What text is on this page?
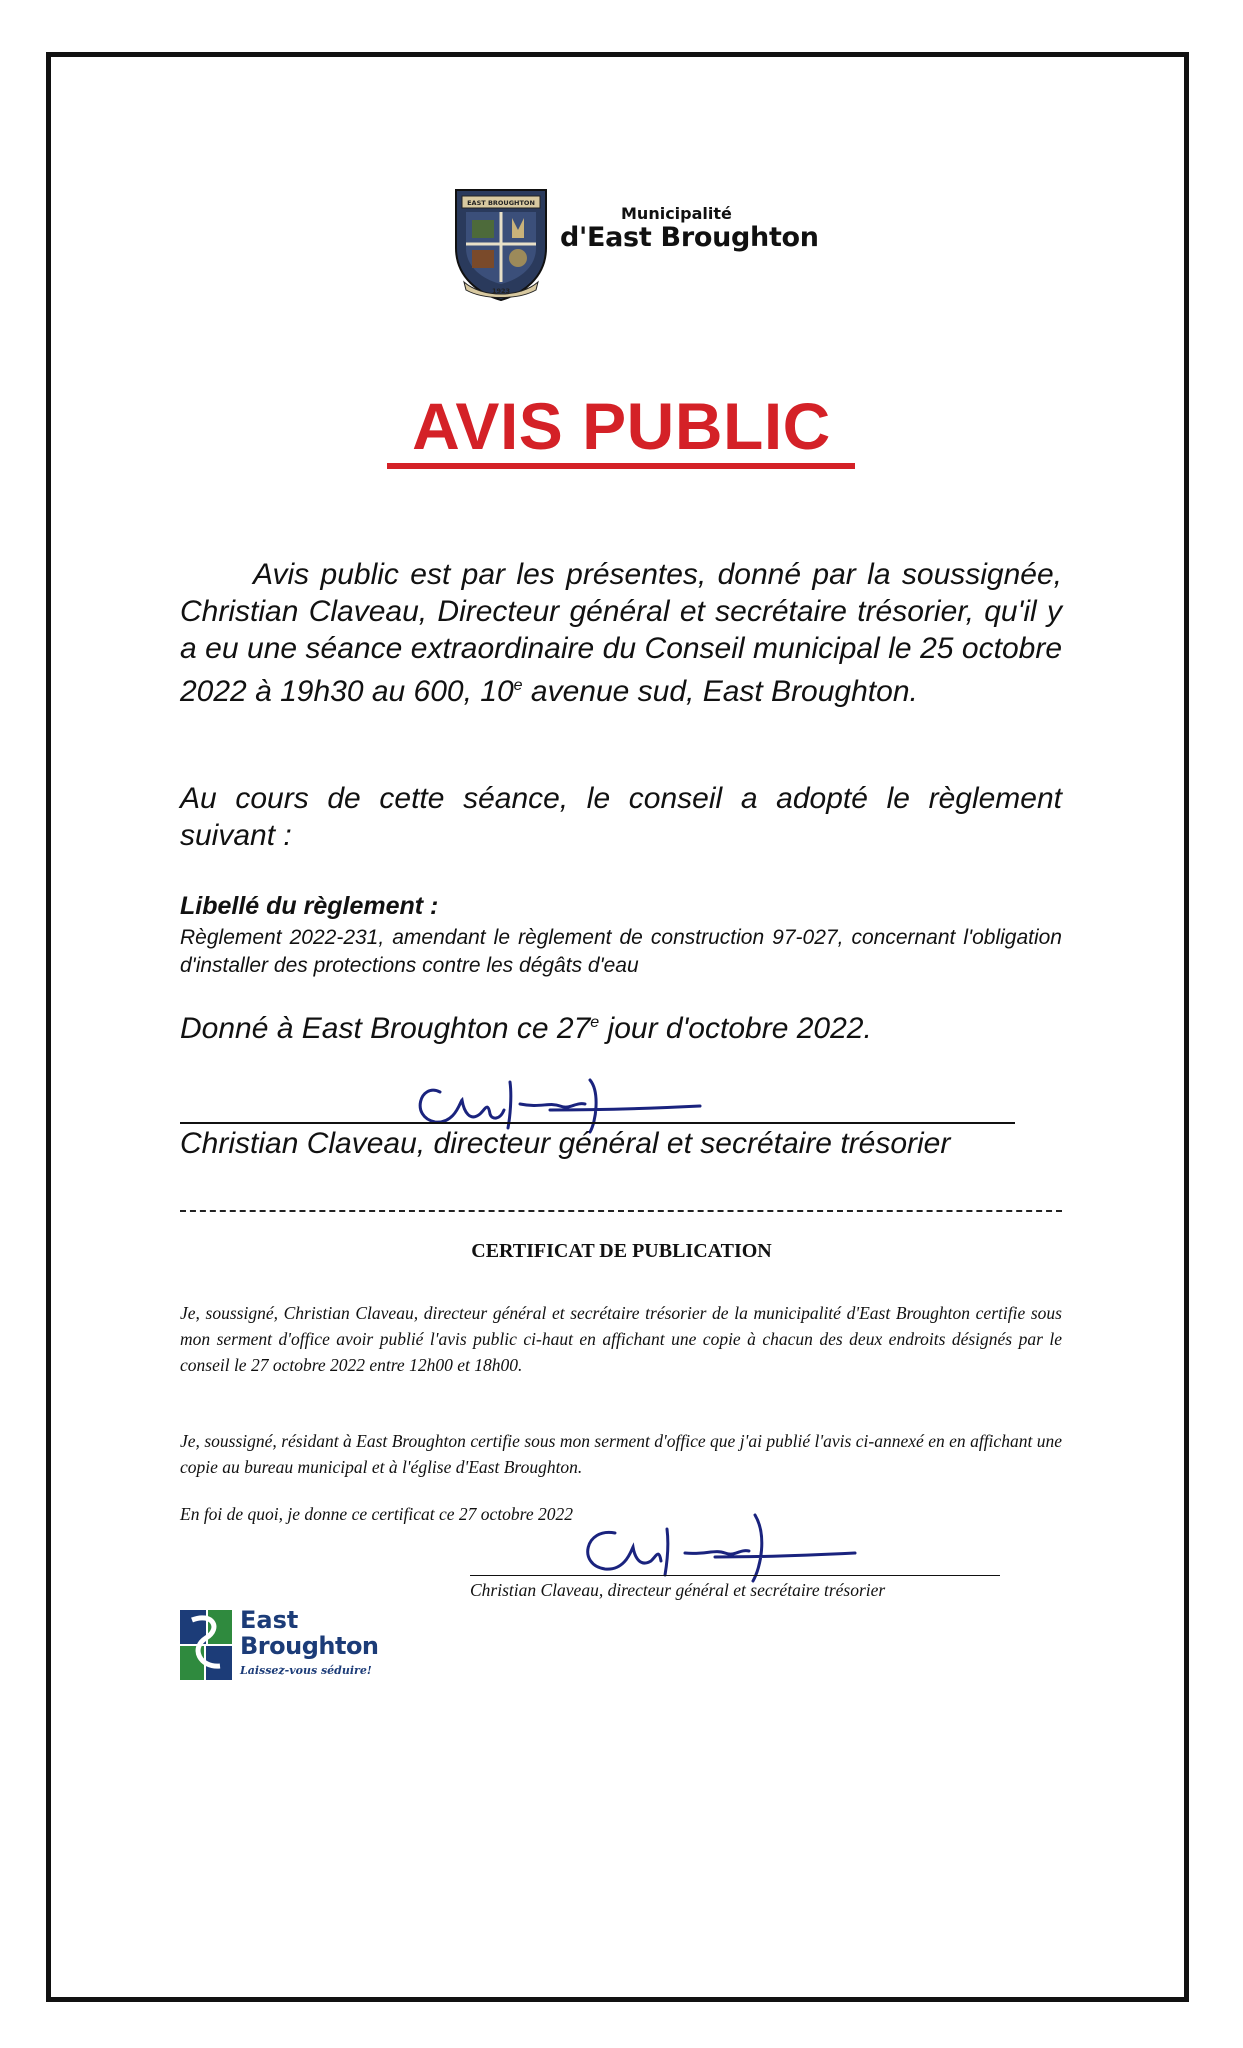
EAST BROUGHTON
1923
Municipalité
d'East Broughton
AVIS PUBLIC
Avis public est par les présentes, donné par la soussignée, Christian Claveau, Directeur général et secrétaire trésorier, qu'il y a eu une séance extraordinaire du Conseil municipal le 25 octobre 2022 à 19h30 au 600, 10e avenue sud, East Broughton.
Au cours de cette séance, le conseil a adopté le règlement suivant :
Libellé du règlement :
Règlement 2022-231, amendant le règlement de construction 97-027, concernant l'obligation d'installer des protections contre les dégâts d'eau
Donné à East Broughton ce 27e jour d'octobre 2022.
Christian Claveau, directeur général et secrétaire trésorier
CERTIFICAT DE PUBLICATION
Je, soussigné, Christian Claveau, directeur général et secrétaire trésorier de la municipalité d'East Broughton certifie sous mon serment d'office avoir publié l'avis public ci-haut en affichant une copie à chacun des deux endroits désignés par le conseil le 27 octobre 2022 entre 12h00 et 18h00.
Je, soussigné, résidant à East Broughton certifie sous mon serment d'office que j'ai publié l'avis ci-annexé en en affichant une copie au bureau municipal et à l'église d'East Broughton.
En foi de quoi, je donne ce certificat ce 27 octobre 2022
Christian Claveau, directeur général et secrétaire trésorier
East
Broughton
Laissez-vous séduire!
